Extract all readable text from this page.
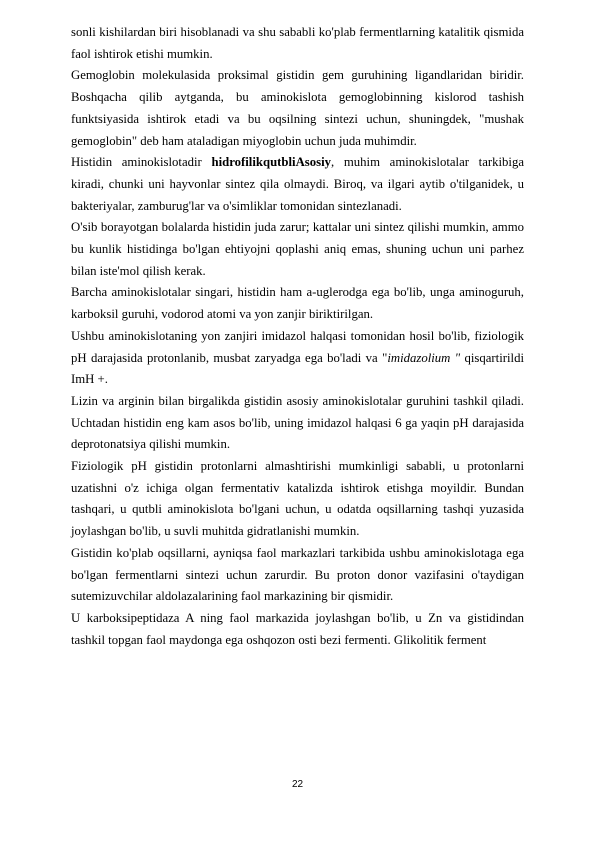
sonli kishilardan biri hisoblanadi va shu sababli ko'plab fermentlarning katalitik qismida faol ishtirok etishi mumkin.

Gemoglobin molekulasida proksimal gistidin gem guruhining ligandlaridan biridir. Boshqacha qilib aytganda, bu aminokislota gemoglobinning kislorod tashish funktsiyasida ishtirok etadi va bu oqsilning sintezi uchun, shuningdek, "mushak gemoglobin" deb ham ataladigan miyoglobin uchun juda muhimdir.

Histidin aminokislotadir hidrofilikqutbliAsosiy, muhim aminokislotalar tarkibiga kiradi, chunki uni hayvonlar sintez qila olmaydi. Biroq, va ilgari aytib o'tilganidek, u bakteriyalar, zamburug'lar va o'simliklar tomonidan sintezlanadi.

O'sib borayotgan bolalarda histidin juda zarur; kattalar uni sintez qilishi mumkin, ammo bu kunlik histidinga bo'lgan ehtiyojni qoplashi aniq emas, shuning uchun uni parhez bilan iste'mol qilish kerak.

Barcha aminokislotalar singari, histidin ham a-uglerodga ega bo'lib, unga aminoguruh, karboksil guruhi, vodorod atomi va yon zanjir biriktirilgan.

Ushbu aminokislotaning yon zanjiri imidazol halqasi tomonidan hosil bo'lib, fiziologik pH darajasida protonlanib, musbat zaryadga ega bo'ladi va "imidazolium " qisqartirildi ImH +.

Lizin va arginin bilan birgalikda gistidin asosiy aminokislotalar guruhini tashkil qiladi. Uchtadan histidin eng kam asos bo'lib, uning imidazol halqasi 6 ga yaqin pH darajasida deprotonatsiya qilishi mumkin.

Fiziologik pH gistidin protonlarni almashtirishi mumkinligi sababli, u protonlarni uzatishni o'z ichiga olgan fermentativ katalizda ishtirok etishga moyildir. Bundan tashqari, u qutbli aminokislota bo'lgani uchun, u odatda oqsillarning tashqi yuzasida joylashgan bo'lib, u suvli muhitda gidratlanishi mumkin.

Gistidin ko'plab oqsillarni, ayniqsa faol markazlari tarkibida ushbu aminokislotaga ega bo'lgan fermentlarni sintezi uchun zarurdir. Bu proton donor vazifasini o'taydigan sutemizuvchilar aldolazalarining faol markazining bir qismidir.

U karboksipeptidaza A ning faol markazida joylashgan bo'lib, u Zn va gistidindan tashkil topgan faol maydonga ega oshqozon osti bezi fermenti. Glikolitik ferment

22
